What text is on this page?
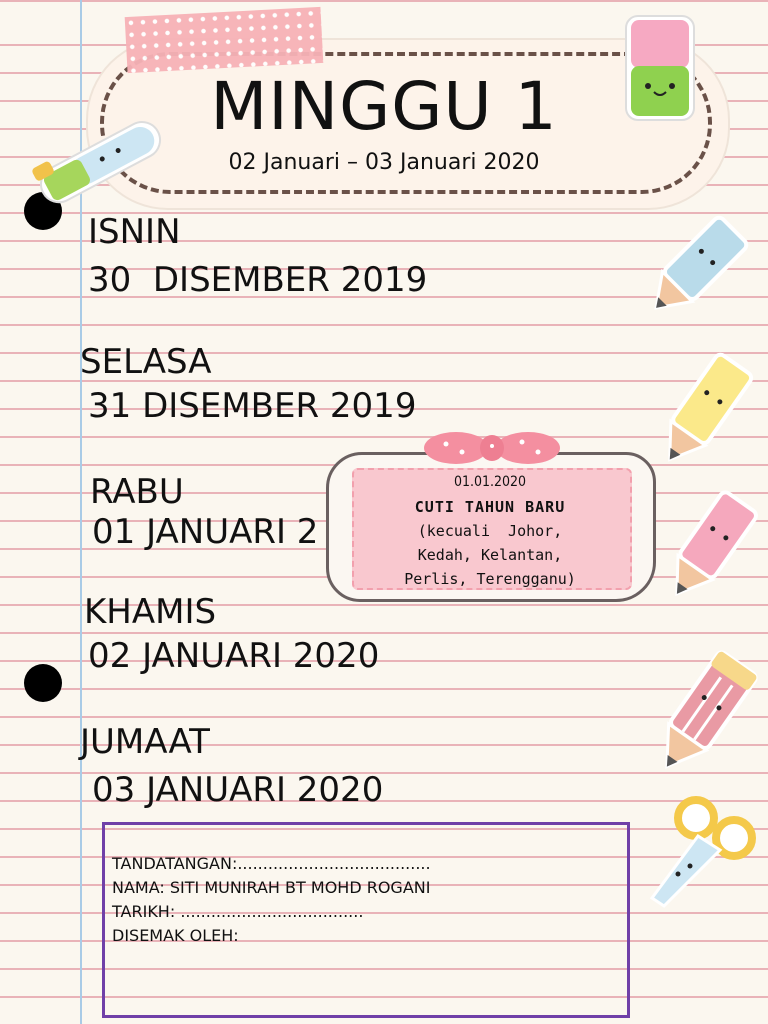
MINGGU 1
02 Januari – 03 Januari 2020
ISNIN
30  DISEMBER 2019
SELASA
31 DISEMBER 2019
RABU
01 JANUARI 2
KHAMIS
02 JANUARI 2020
JUMAAT
03 JANUARI 2020
01.01.2020
CUTI TAHUN BARU
(kecuali  Johor,
Kedah, Kelantan,
Perlis, Terengganu)
TANDATANGAN:......................................
NAMA: SITI MUNIRAH BT MOHD ROGANI
TARIKH: ....................................
DISEMAK OLEH:
